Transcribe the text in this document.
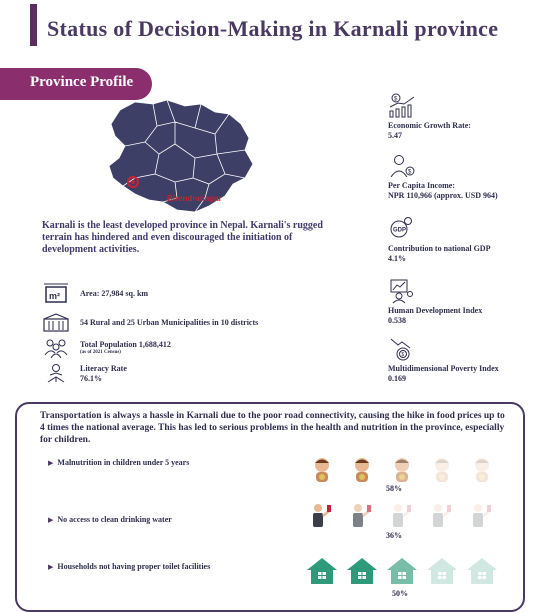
Status of Decision-Making in Karnali province
Province Profile
Birendranagar
Karnali is the least developed province in Nepal. Karnali's rugged terrain has hindered and even discouraged the initiation of development activities.
m²	Area: 27,984 sq. km
54 Rural and 25 Urban Municipalities in 10 districts
Total Population 1,688,412
(as of 2021 Census)
Literacy Rate
76.1%
$
Economic Growth Rate:
5.47
$
Per Capita Income:
NPR 110,966 (approx. USD 964)
GDP
Contribution to national GDP
4.1%
Human Development Index
0.538
$
Multidimensional Poverty Index
0.169
Transportation is always a hassle in Karnali due to the poor road connectivity, causing the hike in food prices up to 4 times the national average. This has led to serious problems in the health and nutrition in the province, especially for children.
▶ Malnutrition in children under 5 years
58%
▶ No access to clean drinking water
36%
▶ Households not having proper toilet facilities
50%
